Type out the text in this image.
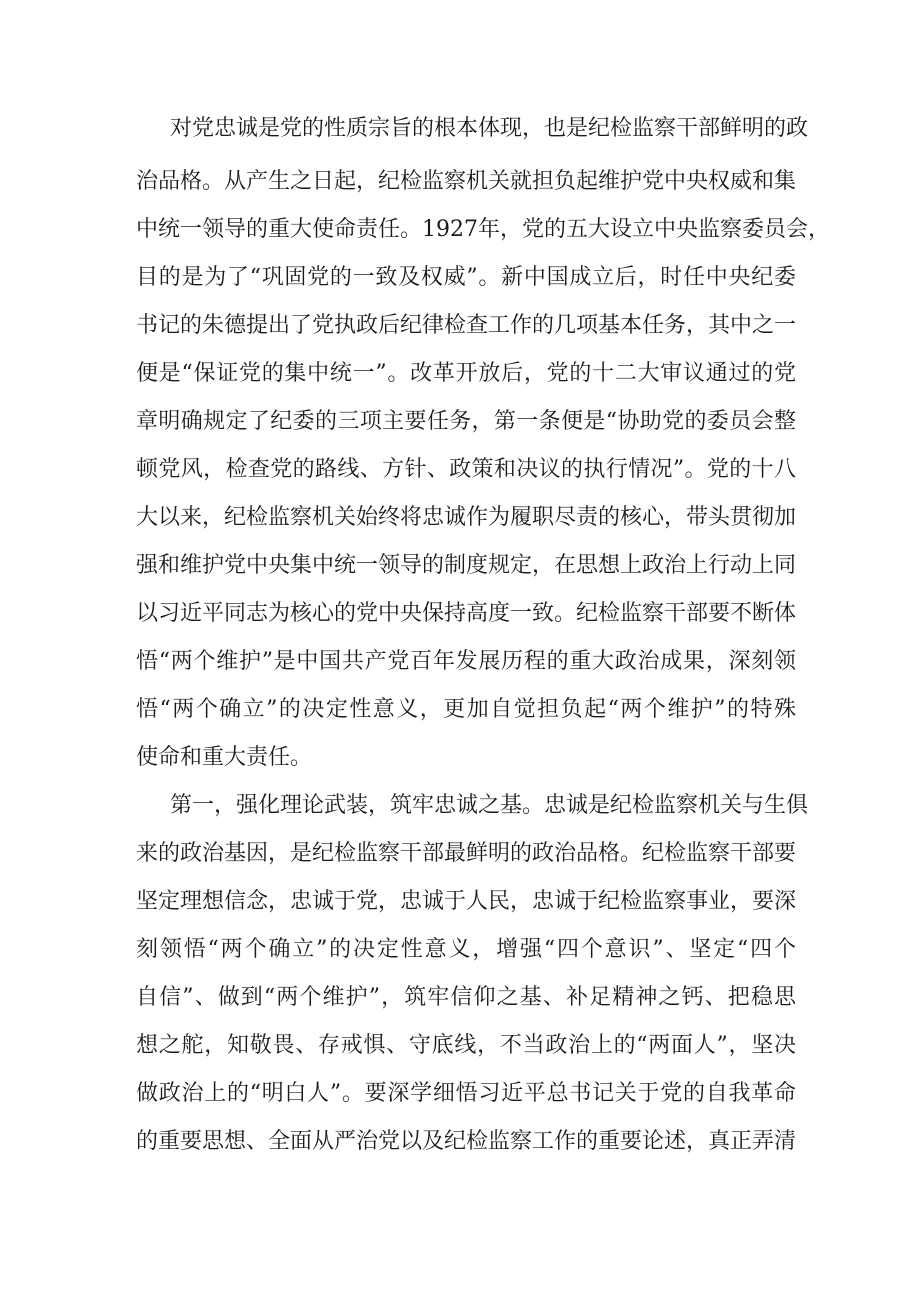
对党忠诚是党的性质宗旨的根本体现，也是纪检监察干部鲜明的政

治品格。从产生之日起，纪检监察机关就担负起维护党中央权威和集

中统一领导的重大使命责任。1927年，党的五大设立中央监察委员会，

目的是为了“巩固党的一致及权威”。新中国成立后，时任中央纪委

书记的朱德提出了党执政后纪律检查工作的几项基本任务，其中之一

便是“保证党的集中统一”。改革开放后，党的十二大审议通过的党

章明确规定了纪委的三项主要任务，第一条便是“协助党的委员会整

顿党风，检查党的路线、方针、政策和决议的执行情况”。党的十八

大以来，纪检监察机关始终将忠诚作为履职尽责的核心，带头贯彻加

强和维护党中央集中统一领导的制度规定，在思想上政治上行动上同

以习近平同志为核心的党中央保持高度一致。纪检监察干部要不断体

悟“两个维护”是中国共产党百年发展历程的重大政治成果，深刻领

悟“两个确立”的决定性意义，更加自觉担负起“两个维护”的特殊

使命和重大责任。

第一，强化理论武装，筑牢忠诚之基。忠诚是纪检监察机关与生俱

来的政治基因，是纪检监察干部最鲜明的政治品格。纪检监察干部要

坚定理想信念，忠诚于党，忠诚于人民，忠诚于纪检监察事业，要深

刻领悟“两个确立”的决定性意义，增强“四个意识”、坚定“四个

自信”、做到“两个维护”，筑牢信仰之基、补足精神之钙、把稳思

想之舵，知敬畏、存戒惧、守底线，不当政治上的“两面人”，坚决

做政治上的“明白人”。要深学细悟习近平总书记关于党的自我革命

的重要思想、全面从严治党以及纪检监察工作的重要论述，真正弄清
